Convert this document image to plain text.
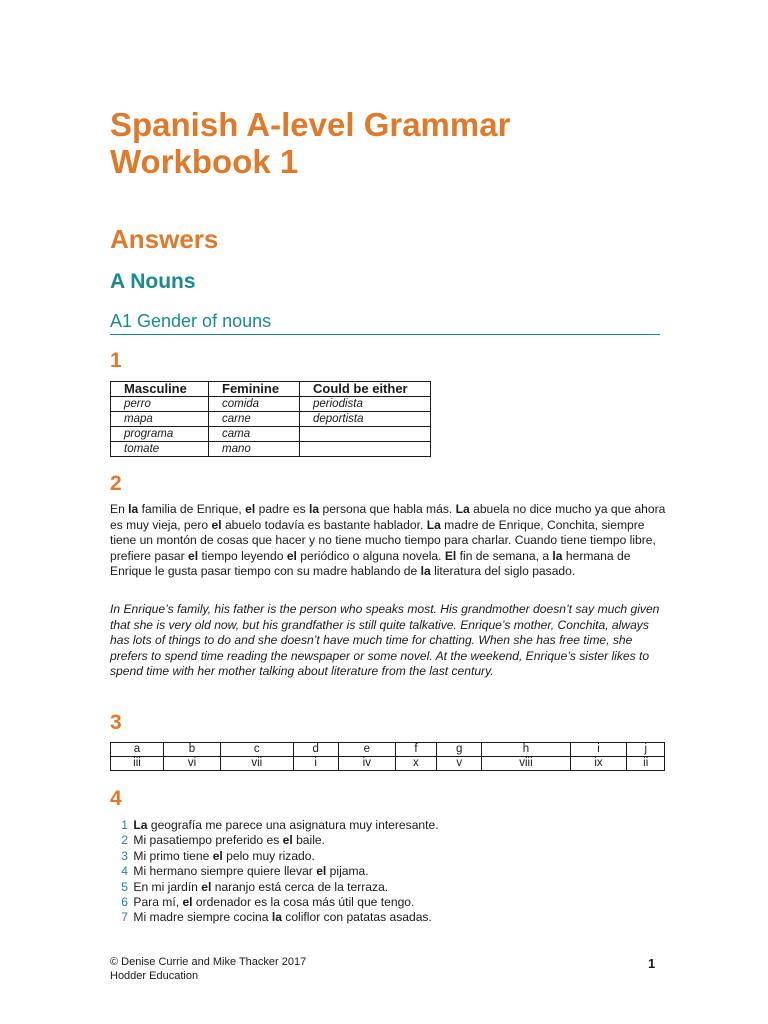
Spanish A-level Grammar
Workbook 1
Answers
A Nouns
A1 Gender of nouns
1
Masculine	Feminine	Could be either
perro	comida	periodista
mapa	carne	deportista
programa	cama	
tomate	mano	
2

En la familia de Enrique, el padre es la persona que habla más. La abuela no dice mucho ya que ahora es muy vieja, pero el abuelo todavía es bastante hablador. La madre de Enrique, Conchita, siempre tiene un montón de cosas que hacer y no tiene mucho tiempo para charlar. Cuando tiene tiempo libre, prefiere pasar el tiempo leyendo el periódico o alguna novela. El fin de semana, a la hermana de Enrique le gusta pasar tiempo con su madre hablando de la literatura del siglo pasado.

In Enrique’s family, his father is the person who speaks most. His grandmother doesn’t say much given that she is very old now, but his grandfather is still quite talkative. Enrique’s mother, Conchita, always has lots of things to do and she doesn’t have much time for chatting. When she has free time, she prefers to spend time reading the newspaper or some novel. At the weekend, Enrique’s sister likes to spend time with her mother talking about literature from the last century.

3
a	b	c	d	e	f	g	h	i	j
iii	vi	vii	i	iv	x	v	viii	ix	ii
4
1
La geografía me parece una asignatura muy interesante.
2
Mi pasatiempo preferido es el baile.
3
Mi primo tiene el pelo muy rizado.
4
Mi hermano siempre quiere llevar el pijama.
5
En mi jardín el naranjo está cerca de la terraza.
6
Para mí, el ordenador es la cosa más útil que tengo.
7
Mi madre siempre cocina la coliflor con patatas asadas.
© Denise Currie and Mike Thacker 2017
Hodder Education
1
